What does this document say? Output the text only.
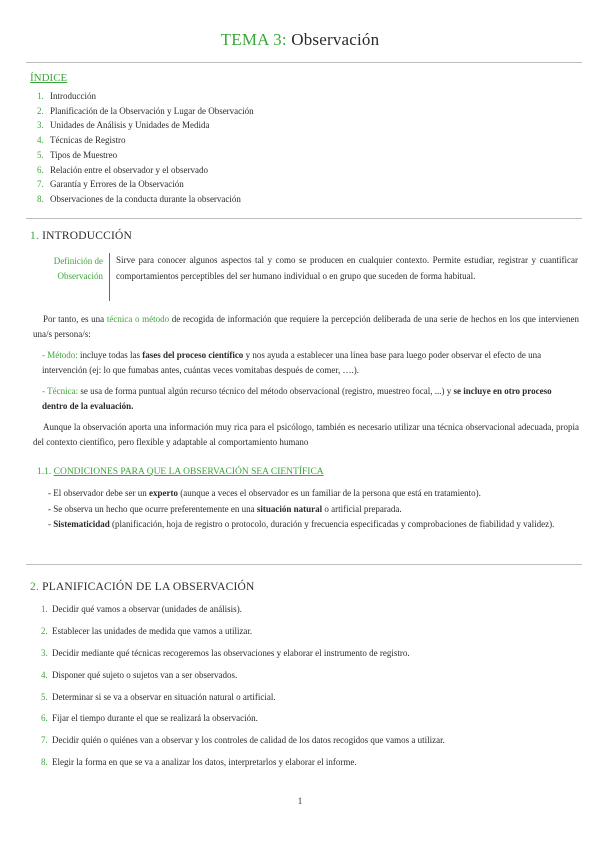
TEMA 3: Observación
ÍNDICE
1. Introducción
2. Planificación de la Observación y Lugar de Observación
3. Unidades de Análisis y Unidades de Medida
4. Técnicas de Registro
5. Tipos de Muestreo
6. Relación entre el observador y el observado
7. Garantía y Errores de la Observación
8. Observaciones de la conducta durante la observación
1. INTRODUCCIÓN
Definición de
Observación
Sirve para conocer algunos aspectos tal y como se producen en cualquier contexto. Permite estudiar, registrar y cuantificar comportamientos perceptibles del ser humano individual o en grupo que suceden de forma habitual.
Por tanto, es una técnica o método de recogida de información que requiere la percepción deliberada de una serie de hechos en los que intervienen una/s persona/s:
- Método: incluye todas las fases del proceso científico y nos ayuda a establecer una línea base para luego poder observar el efecto de una intervención (ej: lo que fumabas antes, cuántas veces vomitabas después de comer, ….).
- Técnica: se usa de forma puntual algún recurso técnico del método observacional (registro, muestreo focal, ...) y se incluye en otro proceso dentro de la evaluación.
Aunque la observación aporta una información muy rica para el psicólogo, también es necesario utilizar una técnica observacional adecuada, propia del contexto científico, pero flexible y adaptable al comportamiento humano
1.1. CONDICIONES PARA QUE LA OBSERVACIÓN SEA CIENTÍFICA
- El observador debe ser un experto (aunque a veces el observador es un familiar de la persona que está en tratamiento).
- Se observa un hecho que ocurre preferentemente en una situación natural o artificial preparada.
- Sistematicidad (planificación, hoja de registro o protocolo, duración y frecuencia especificadas y comprobaciones de fiabilidad y validez).
2. PLANIFICACIÓN DE LA OBSERVACIÓN
1. Decidir qué vamos a observar (unidades de análisis).
2. Establecer las unidades de medida que vamos a utilizar.
3. Decidir mediante qué técnicas recogeremos las observaciones y elaborar el instrumento de registro.
4. Disponer qué sujeto o sujetos van a ser observados.
5. Determinar si se va a observar en situación natural o artificial.
6. Fijar el tiempo durante el que se realizará la observación.
7. Decidir quién o quiénes van a observar y los controles de calidad de los datos recogidos que vamos a utilizar.
8. Elegir la forma en que se va a analizar los datos, interpretarlos y elaborar el informe.
1
